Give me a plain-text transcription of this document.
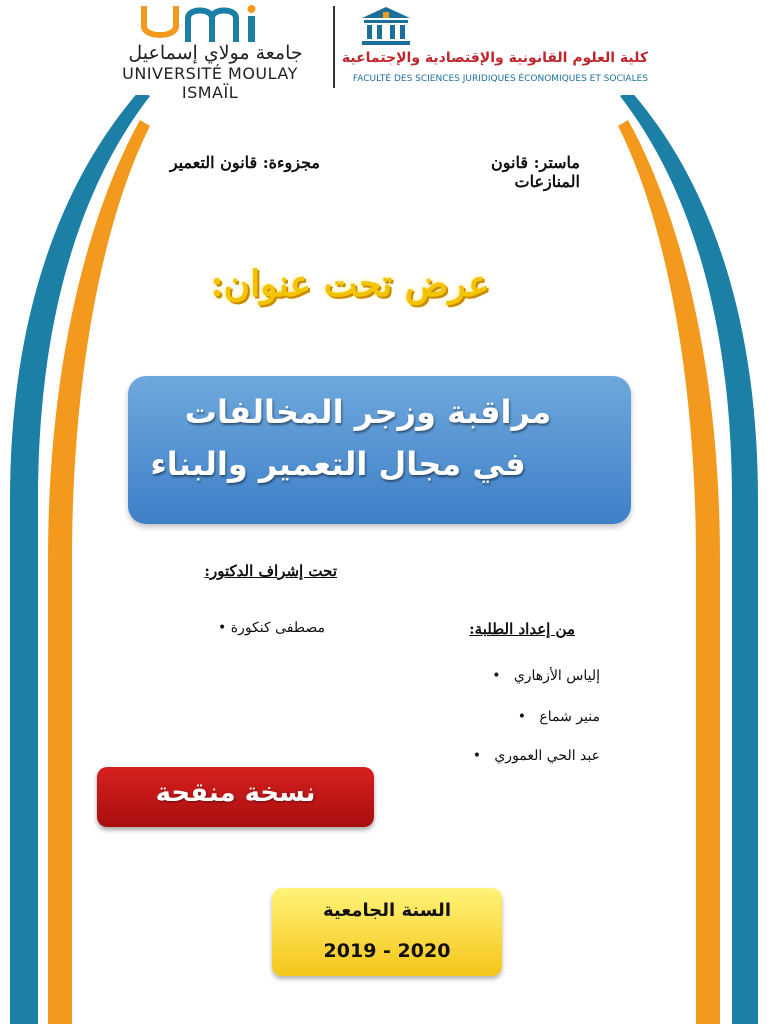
جامعة مولاي إسماعيل
UNIVERSITÉ MOULAY ISMAÏL
كلية العلوم القانونية والإقتصادية والإجتماعية
FACULTÉ DES SCIENCES JURIDIQUES ÉCONOMIQUES ET SOCIALES
ماستر: قانون المنازعات
مجزوءة: قانون التعمير
عرض تحت عنوان:
مراقبة وزجر المخالفات
في مجال التعمير والبناء
تحت إشراف الدكتور:
مصطفى كنكورة •	من إعداد الطلبة:
إلياس الأزهاري   •
منير شماع   •
عبد الحي العموري   •
نسخة منقحة
السنة الجامعية
2019 - 2020
